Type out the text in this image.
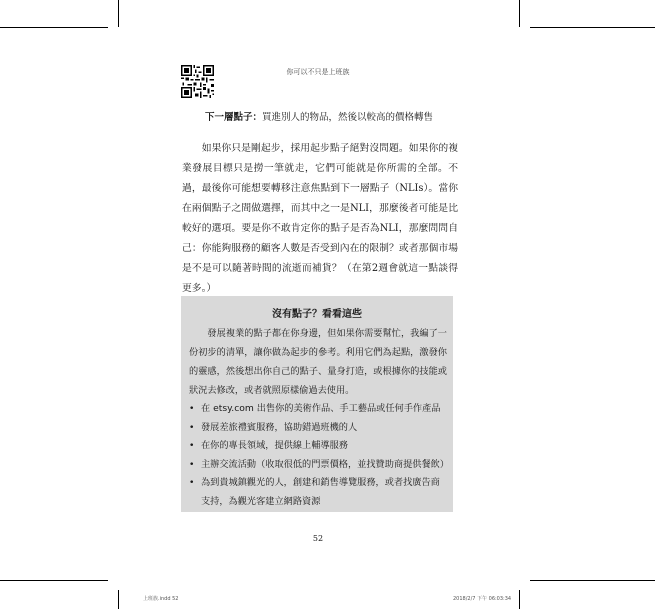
你可以不只是上班族
下一層點子：買進別人的物品，然後以較高的價格轉售

　　如果你只是剛起步，採用起步點子絕對沒問題。如果你的複業發展目標只是撈一筆就走，它們可能就是你所需的全部。不過，最後你可能想要轉移注意焦點到下一層點子（NLIs）。當你在兩個點子之間做選擇，而其中之一是NLI，那麼後者可能是比較好的選項。要是你不敢肯定你的點子是否為NLI，那麼問問自己：你能夠服務的顧客人數是否受到內在的限制？或者那個市場是不是可以隨著時間的流逝而補貨？（在第2週會就這一點談得更多。）

沒有點子？看看這些

　　發展複業的點子都在你身邊，但如果你需要幫忙，我編了一份初步的清單，讓你做為起步的參考。利用它們為起點，激發你的靈感，然後想出你自己的點子、量身打造，或根據你的技能或狀況去修改，或者就照原樣偷過去使用。

• 在 etsy.com 出售你的美術作品、手工藝品或任何手作產品
• 發展差旅禮賓服務，協助錯過班機的人
• 在你的專長領域，提供線上輔導服務
• 主辦交流活動（收取很低的門票價格，並找贊助商提供餐飲）
• 為到貴城鎮觀光的人，創建和銷售導覽服務，或者找廣告商支持，為觀光客建立網路資源
52
上班族.indd 52	2018/2/7 下午 06:03:34
